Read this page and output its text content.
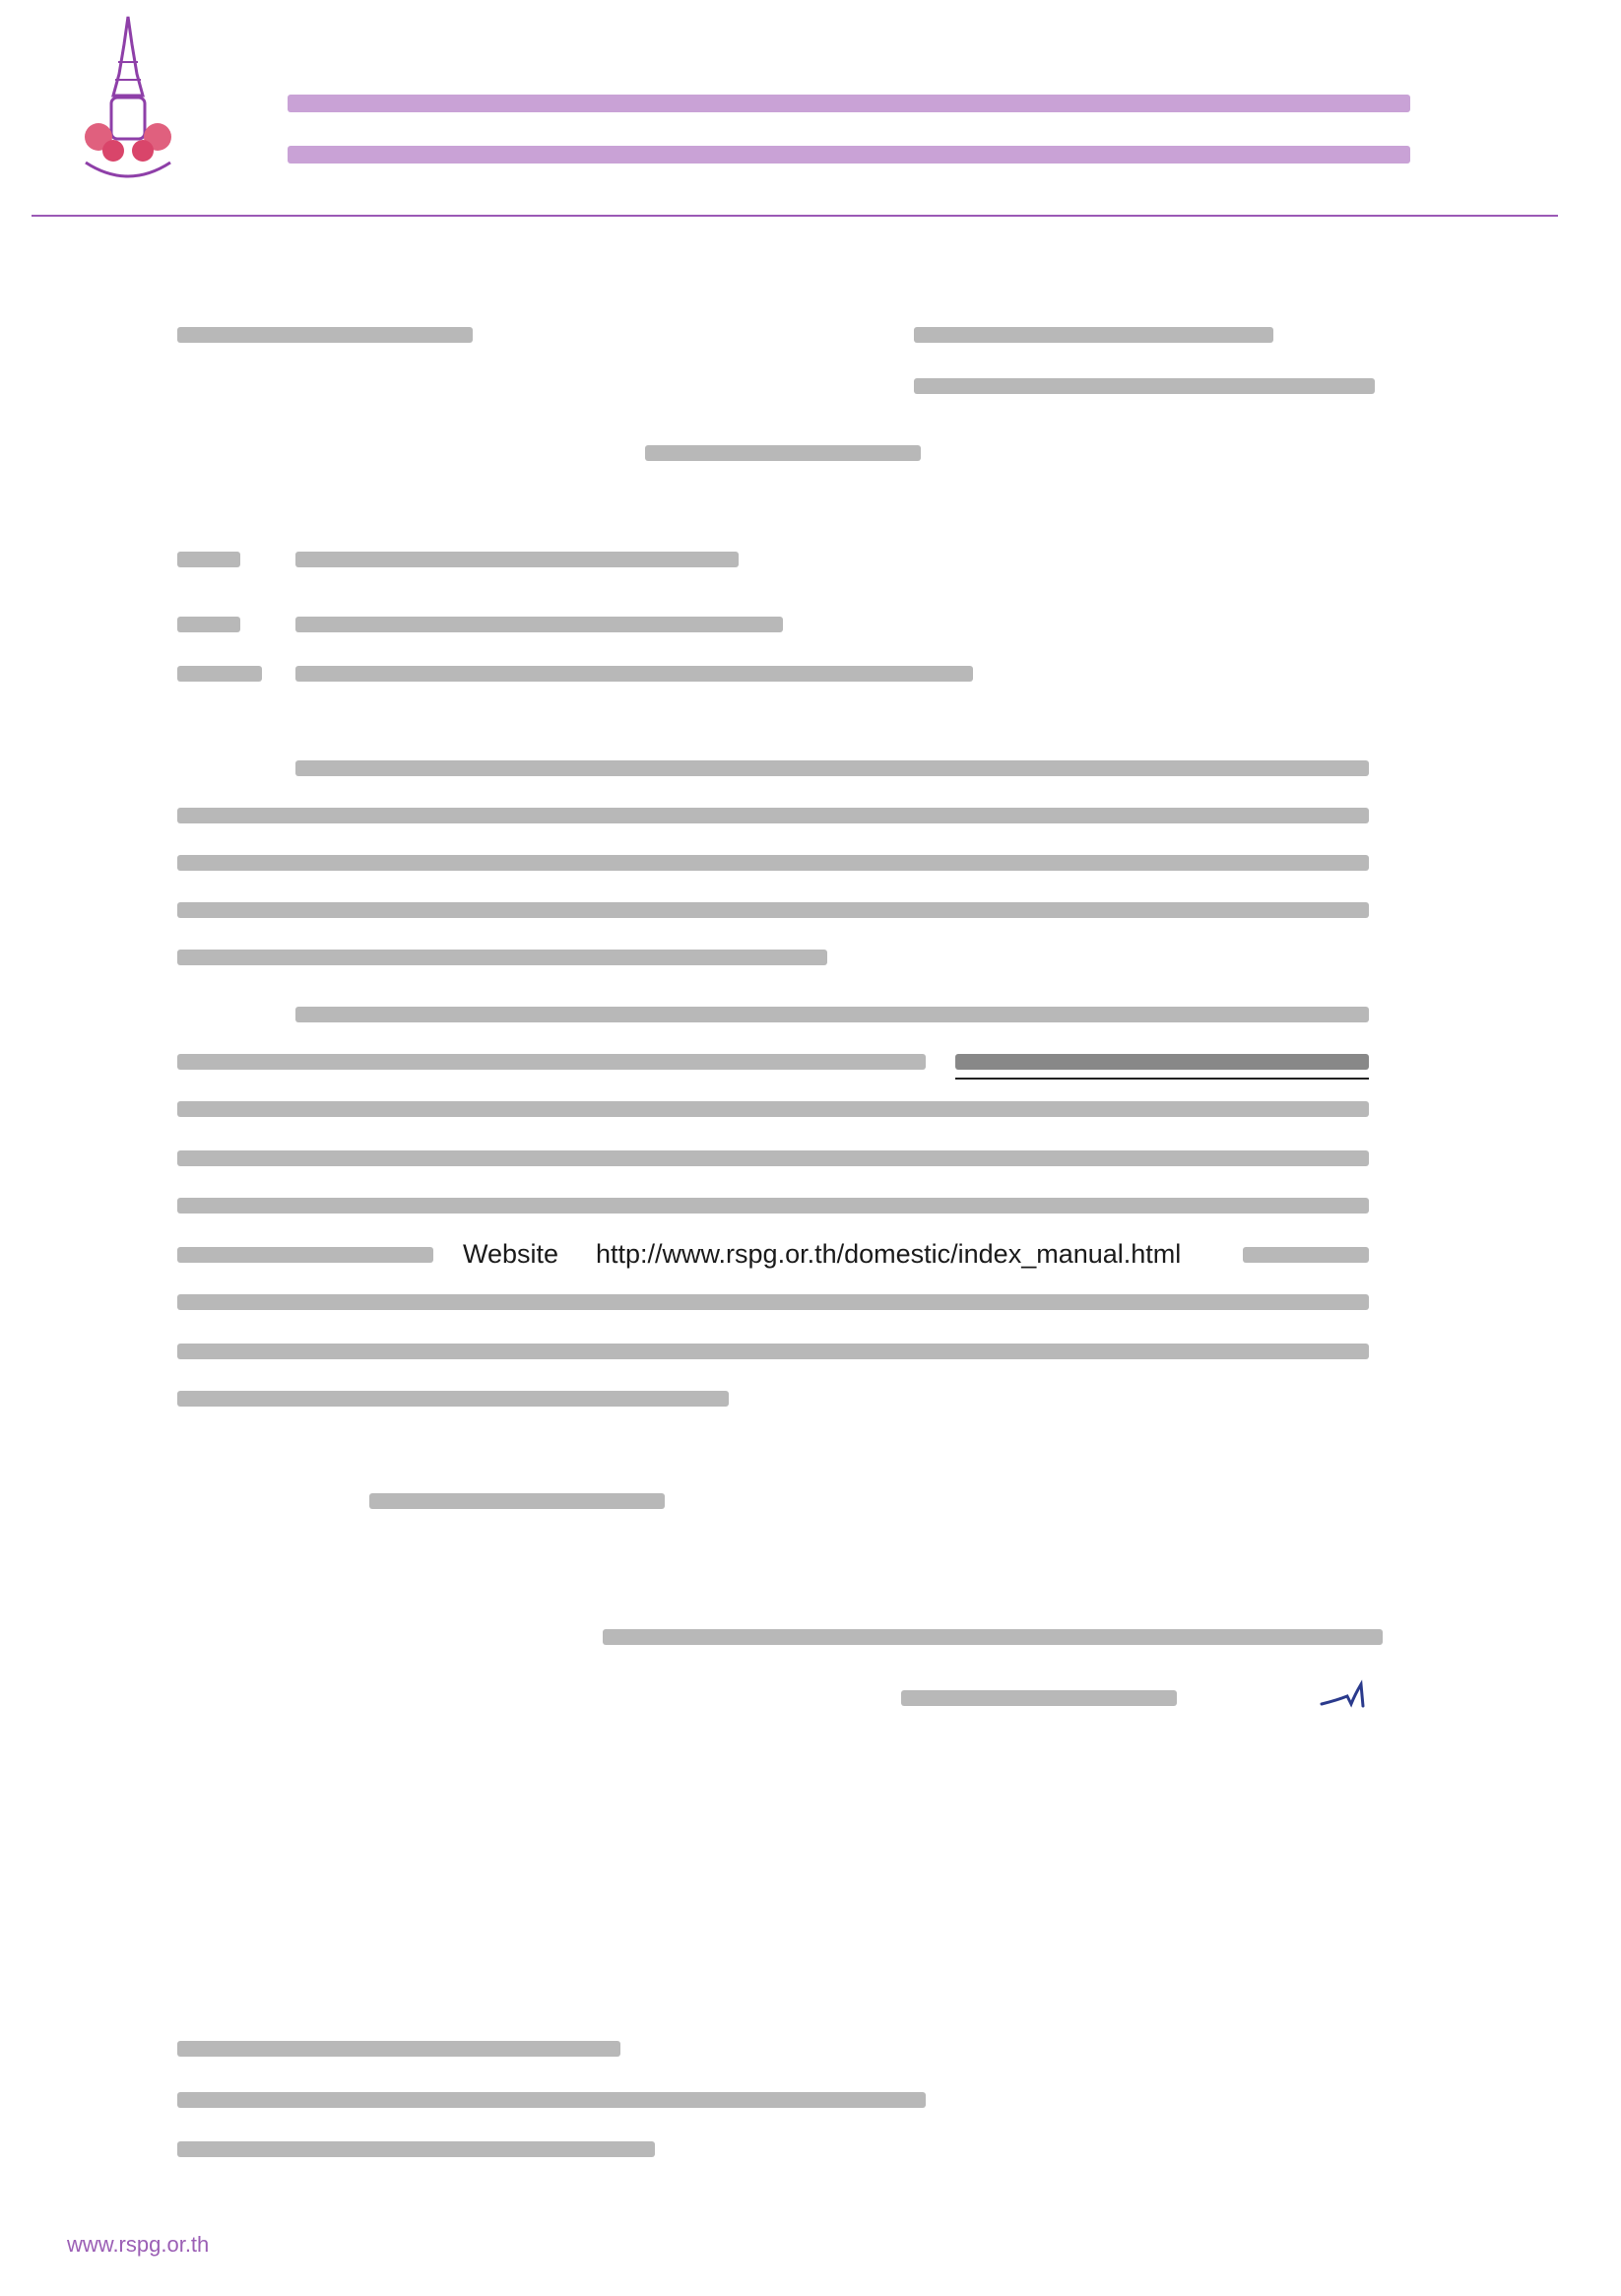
Website http://www.rspg.or.th/domestic/index_manual.html
www.rspg.or.th
